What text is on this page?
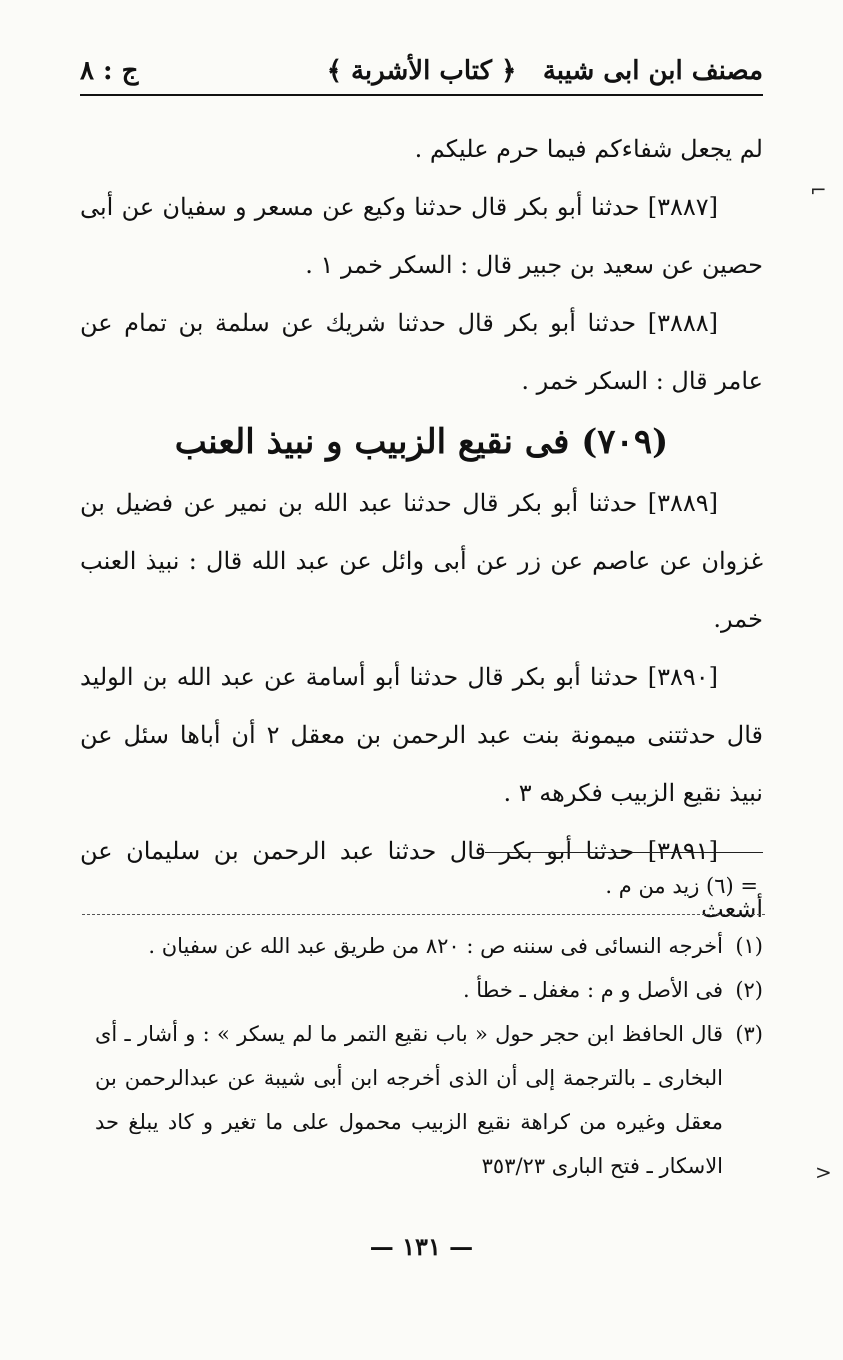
مصنف ابن ابى شيبة
﴿ كتاب الأشربة ﴾
ج : ٨

لم يجعل شفاءكم فيما حرم عليكم .

[٣٨٨٧] حدثنا أبو بكر قال حدثنا وكيع عن مسعر و سفيان عن أبى حصين عن سعيد بن جبير قال : السكر خمر ١ .

[٣٨٨٨] حدثنا أبو بكر قال حدثنا شريك عن سلمة بن تمام عن عامر قال : السكر خمر .

(٧٠٩) فى نقيع الزبيب و نبيذ العنب

[٣٨٨٩] حدثنا أبو بكر قال حدثنا عبد الله بن نمير عن فضيل بن غزوان عن عاصم عن زر عن أبى وائل عن عبد الله قال : نبيذ العنب خمر.

[٣٨٩٠] حدثنا أبو بكر قال حدثنا أبو أسامة عن عبد الله بن الوليد قال حدثتنى ميمونة بنت عبد الرحمن بن معقل ٢ أن أباها سئل عن نبيذ نقيع الزبيب فكرهه ٣ .

[٣٨٩١] حدثنا أبو بكر قال حدثنا عبد الرحمن بن سليمان عن أشعث

= (٦) زيد من م .
(١)
أخرجه النسائى فى سننه ص : ٨٢٠ من طريق عبد الله عن سفيان .
(٢)
فى الأصل و م : مغفل ـ خطأ .
(٣)
قال الحافظ ابن حجر حول « باب نقيع التمر ما لم يسكر » : و أشار ـ أى البخارى ـ بالترجمة إلى أن الذى أخرجه ابن أبى شيبة عن عبدالرحمن بن معقل وغيره من كراهة نقيع الزبيب محمول على ما تغير و كاد يبلغ حد الاسكار ـ فتح البارى ٣٥٣/٢٣
— ١٣١ —
⌐
<
